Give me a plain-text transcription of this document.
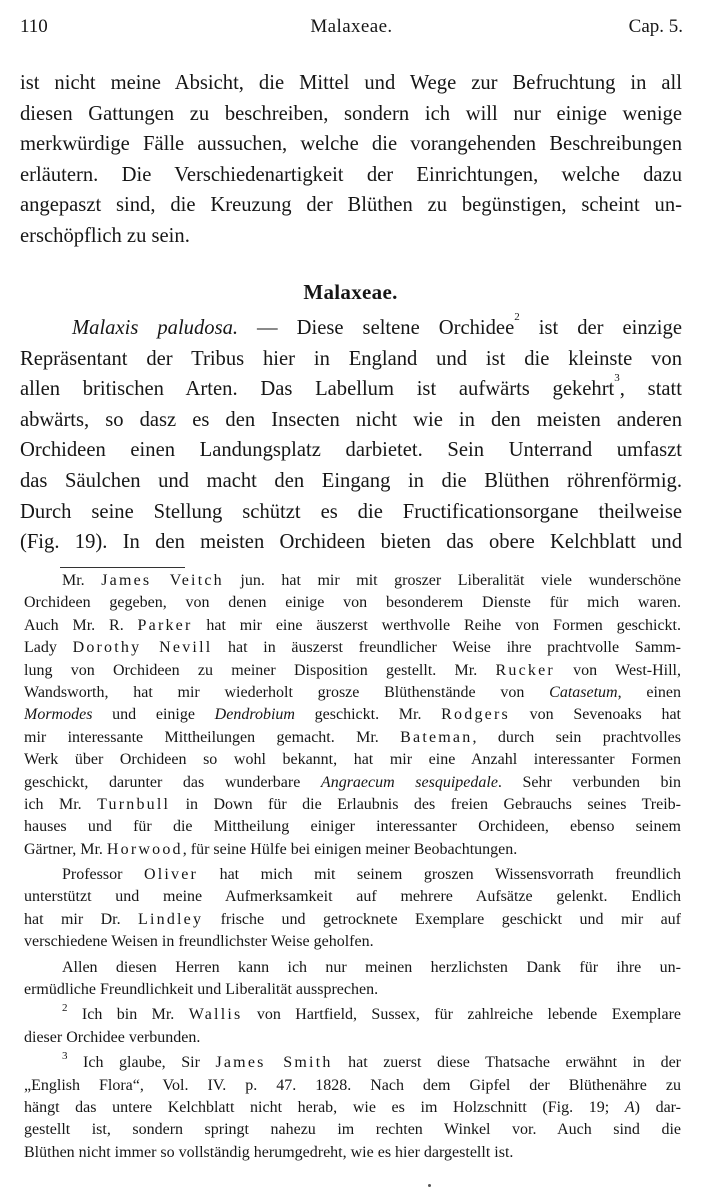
110	Malaxeae.	Cap. 5.
ist nicht meine Absicht, die Mittel und Wege zur Befruchtung in all
diesen Gattungen zu beschreiben, sondern ich will nur einige wenige
merkwürdige Fälle aussuchen, welche die vorangehenden Beschreibungen
erläutern. Die Verschiedenartigkeit der Einrichtungen, welche dazu
angepaszt sind, die Kreuzung der Blüthen zu begünstigen, scheint un-
erschöpflich zu sein.
Malaxeae.
Malaxis paludosa. — Diese seltene Orchidee$^2$ ist der einzige
Repräsentant der Tribus hier in England und ist die kleinste von
allen britischen Arten. Das Labellum ist aufwärts gekehrt$^3$, statt
abwärts, so dasz es den Insecten nicht wie in den meisten anderen
Orchideen einen Landungsplatz darbietet. Sein Unterrand umfaszt
das Säulchen und macht den Eingang in die Blüthen röhrenförmig.
Durch seine Stellung schützt es die Fructificationsorgane theilweise
(Fig. 19). In den meisten Orchideen bieten das obere Kelchblatt und
Mr. James Veitch jun. hat mir mit groszer Liberalität viele wunderschöne
Orchideen gegeben, von denen einige von besonderem Dienste für mich waren.
Auch Mr. R. Parker hat mir eine äuszerst werthvolle Reihe von Formen geschickt.
Lady Dorothy Nevill hat in äuszerst freundlicher Weise ihre prachtvolle Samm-
lung von Orchideen zu meiner Disposition gestellt. Mr. Rucker von West-Hill,
Wandsworth, hat mir wiederholt grosze Blüthenstände von Catasetum, einen
Mormodes und einige Dendrobium geschickt. Mr. Rodgers von Sevenoaks hat
mir interessante Mittheilungen gemacht. Mr. Bateman, durch sein prachtvolles
Werk über Orchideen so wohl bekannt, hat mir eine Anzahl interessanter Formen
geschickt, darunter das wunderbare Angraecum sesquipedale. Sehr verbunden bin
ich Mr. Turnbull in Down für die Erlaubnis des freien Gebrauchs seines Treib-
hauses und für die Mittheilung einiger interessanter Orchideen, ebenso seinem
Gärtner, Mr. Horwood, für seine Hülfe bei einigen meiner Beobachtungen.
Professor Oliver hat mich mit seinem groszen Wissensvorrath freundlich
unterstützt und meine Aufmerksamkeit auf mehrere Aufsätze gelenkt. Endlich
hat mir Dr. Lindley frische und getrocknete Exemplare geschickt und mir auf
verschiedene Weisen in freundlichster Weise geholfen.
Allen diesen Herren kann ich nur meinen herzlichsten Dank für ihre un-
ermüdliche Freundlichkeit und Liberalität aussprechen.
$^2$ Ich bin Mr. Wallis von Hartfield, Sussex, für zahlreiche lebende Exemplare
dieser Orchidee verbunden.
$^3$ Ich glaube, Sir James Smith hat zuerst diese Thatsache erwähnt in der
„English Flora“, Vol. IV. p. 47. 1828. Nach dem Gipfel der Blüthenähre zu
hängt das untere Kelchblatt nicht herab, wie es im Holzschnitt (Fig. 19; A) dar-
gestellt ist, sondern springt nahezu im rechten Winkel vor. Auch sind die
Blüthen nicht immer so vollständig herumgedreht, wie es hier dargestellt ist.
